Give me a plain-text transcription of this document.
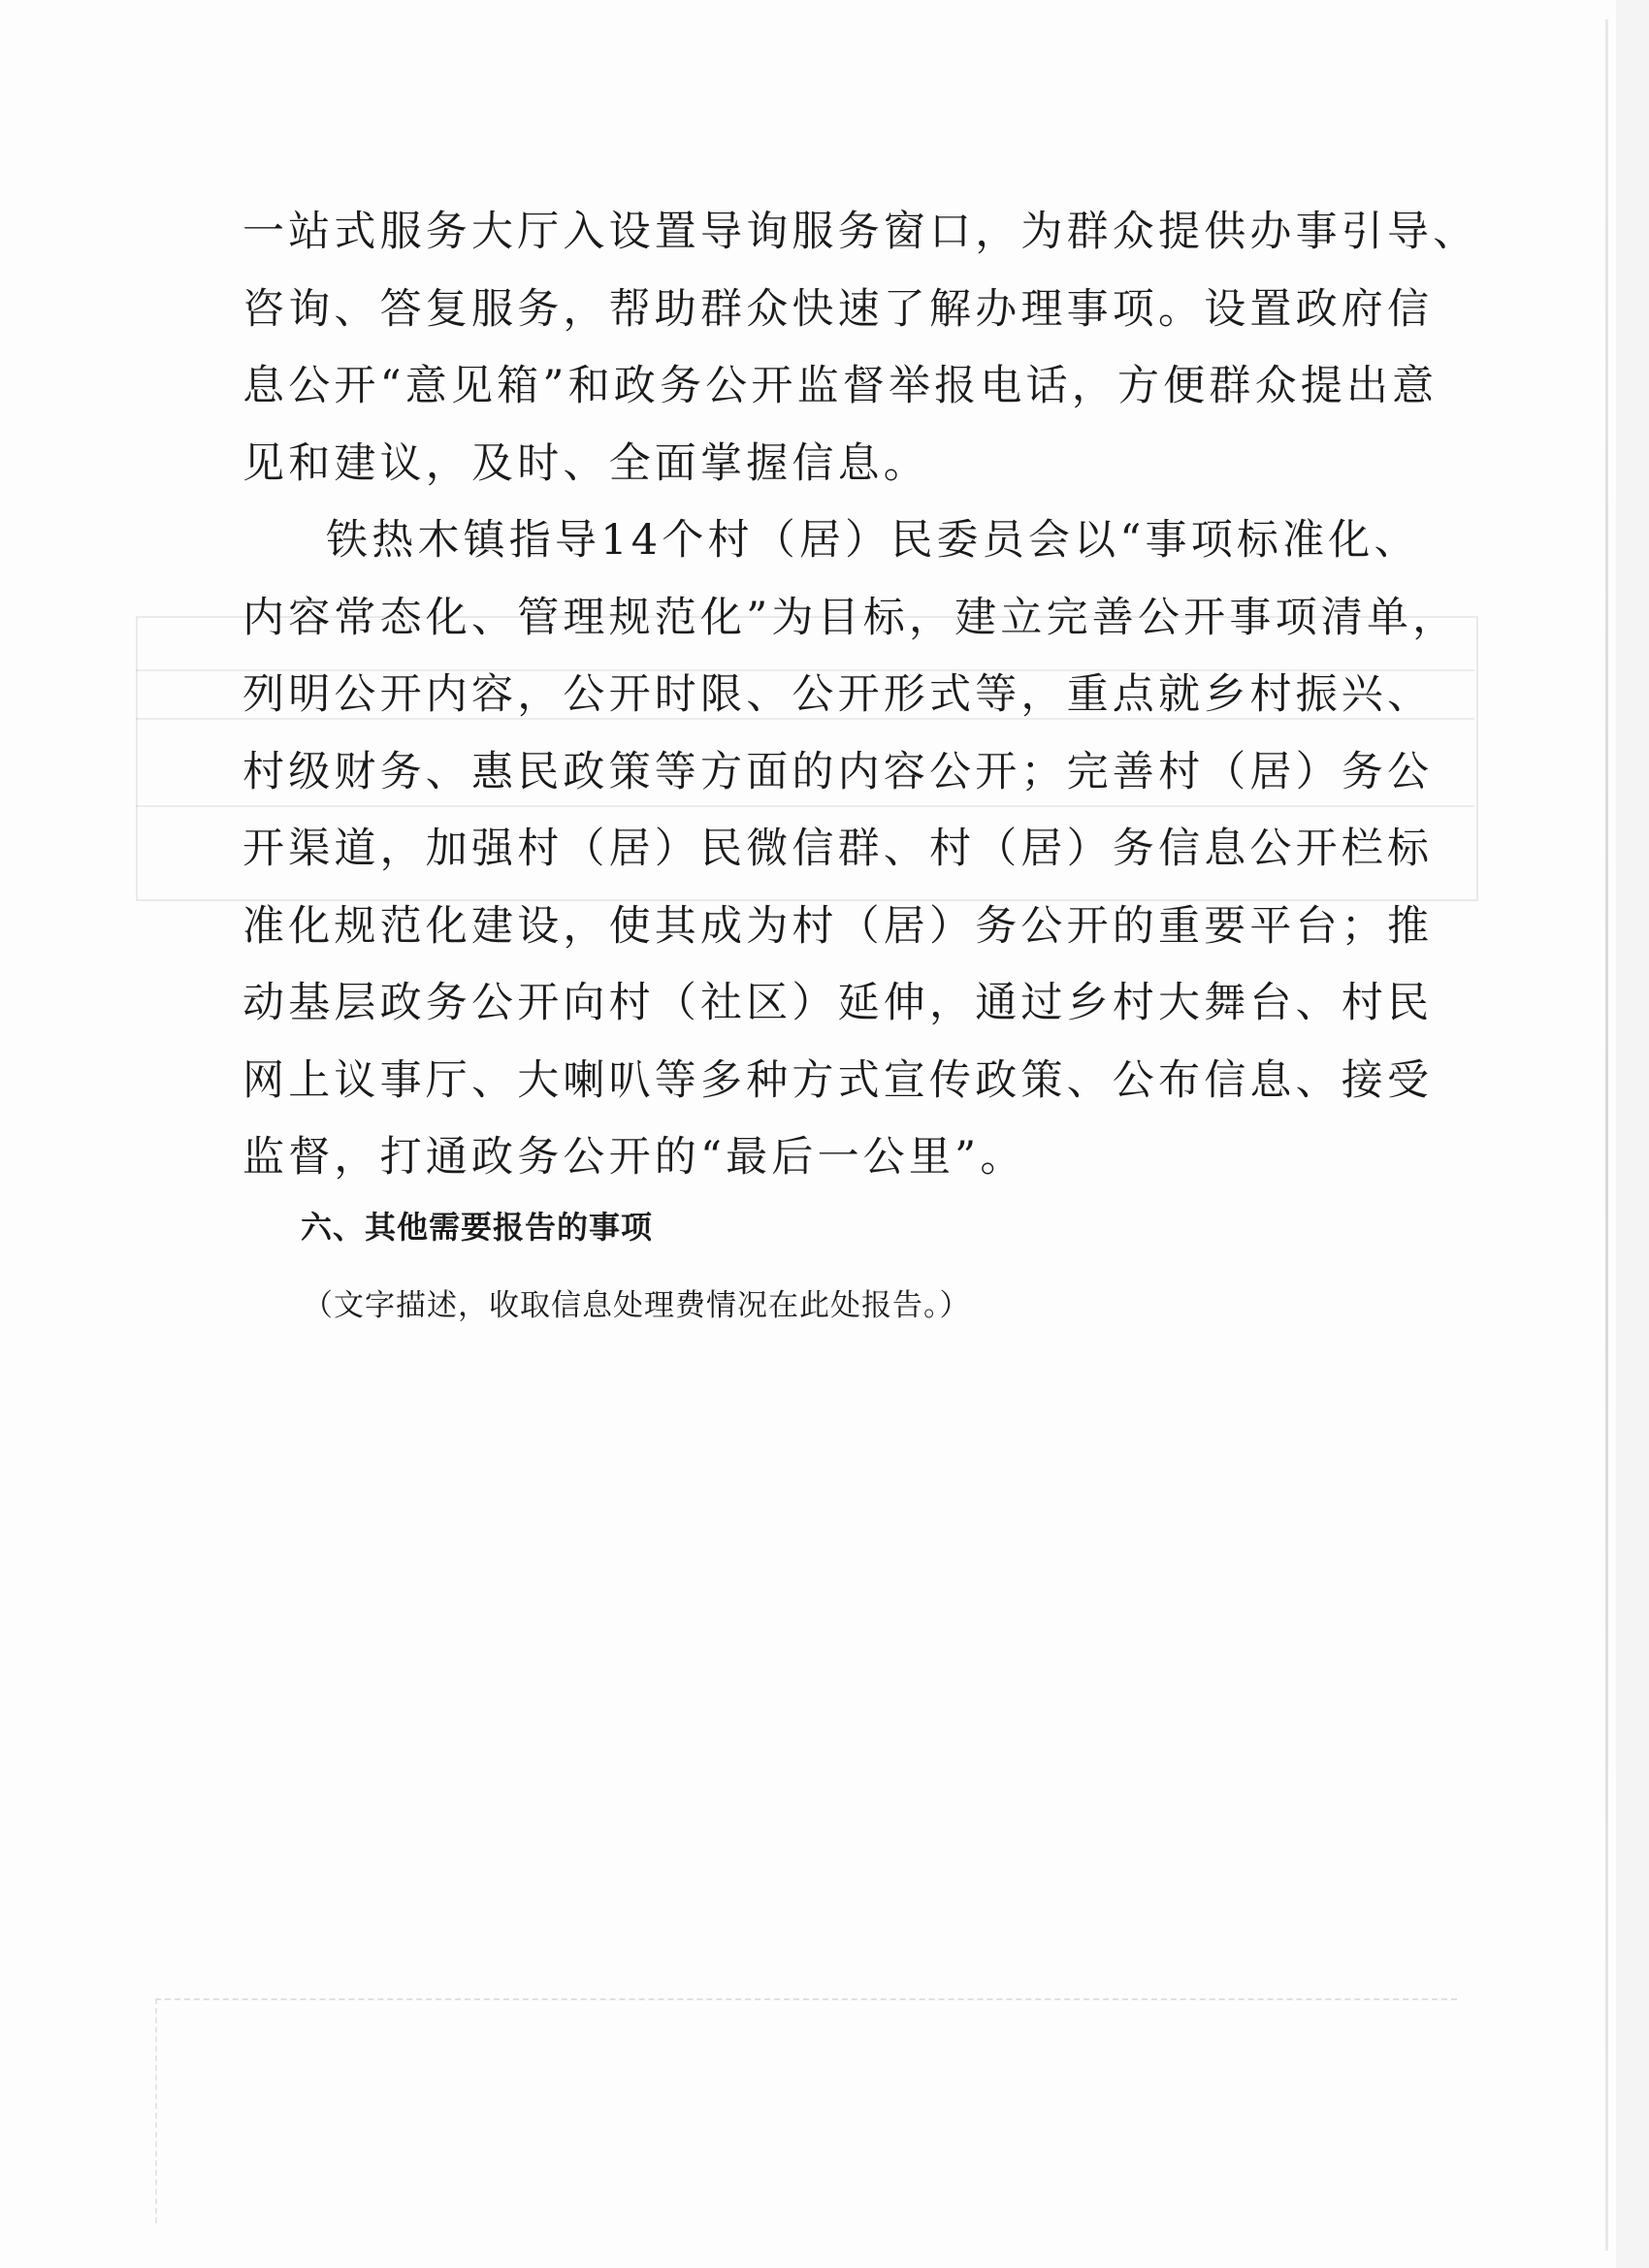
一站式服务大厅入设置导询服务窗口，为群众提供办事引导、
咨询、答复服务，帮助群众快速了解办理事项。设置政府信
息公开“意见箱”和政务公开监督举报电话，方便群众提出意
见和建议，及时、全面掌握信息。
铁热木镇指导14个村（居）民委员会以“事项标准化、
内容常态化、管理规范化”为目标，建立完善公开事项清单，
列明公开内容，公开时限、公开形式等，重点就乡村振兴、
村级财务、惠民政策等方面的内容公开；完善村（居）务公
开渠道，加强村（居）民微信群、村（居）务信息公开栏标
准化规范化建设，使其成为村（居）务公开的重要平台；推
动基层政务公开向村（社区）延伸，通过乡村大舞台、村民
网上议事厅、大喇叭等多种方式宣传政策、公布信息、接受
监督，打通政务公开的“最后一公里”。
六、其他需要报告的事项
（文字描述，收取信息处理费情况在此处报告。）
